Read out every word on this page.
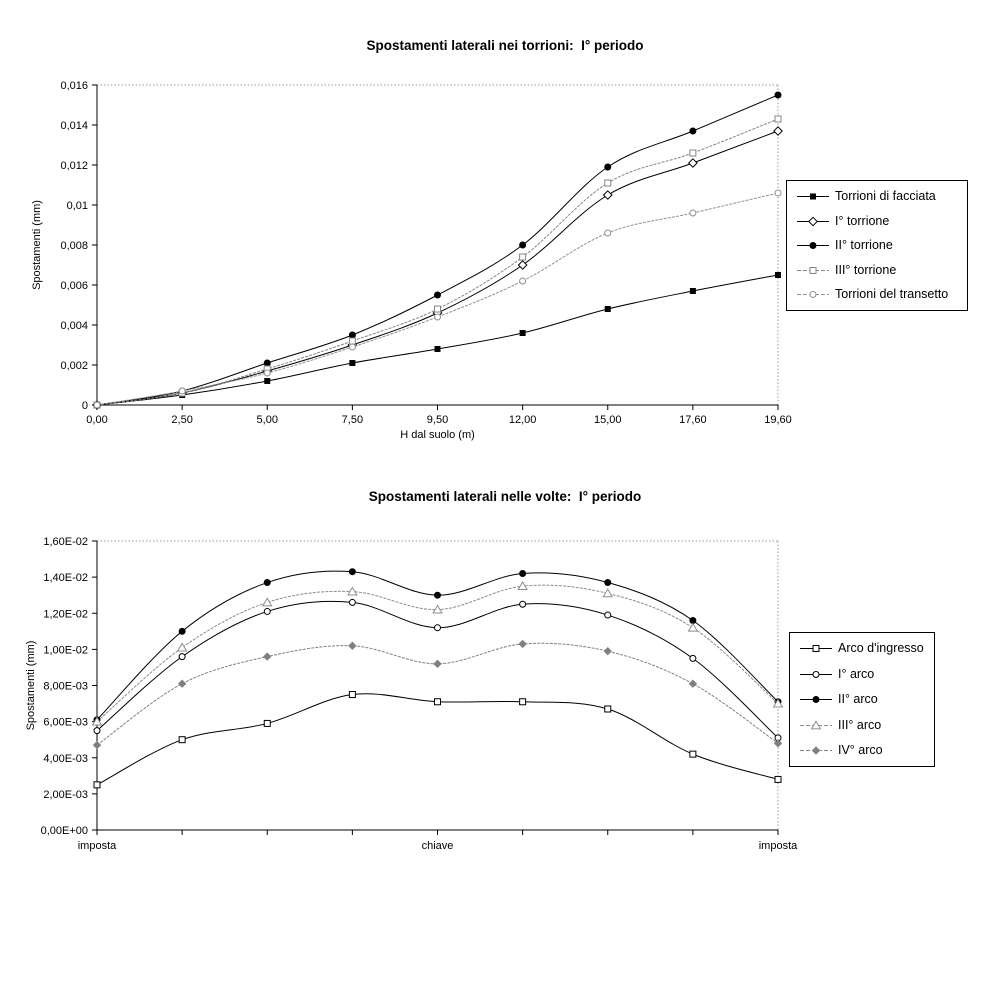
0
0,002
0,004
0,006
0,008
0,01
0,012
0,014
0,016
0,00	2,50	5,00	7,50	9,50	12,00	15,00	17,60	19,60
H dal suolo (m)
Spostamenti (mm)
0,00E+00
2,00E-03
4,00E-03
6,00E-03
8,00E-03
1,00E-02
1,20E-02
1,40E-02
1,60E-02
imposta	chiave	imposta
Spostamenti (mm)
Spostamenti laterali nei torrioni:  I° periodo
Spostamenti laterali nelle volte:  I° periodo
Torrioni di facciata
I° torrione
II° torrione
III° torrione
Torrioni del transetto
Arco d'ingresso
I° arco
II° arco
III° arco
IV° arco
